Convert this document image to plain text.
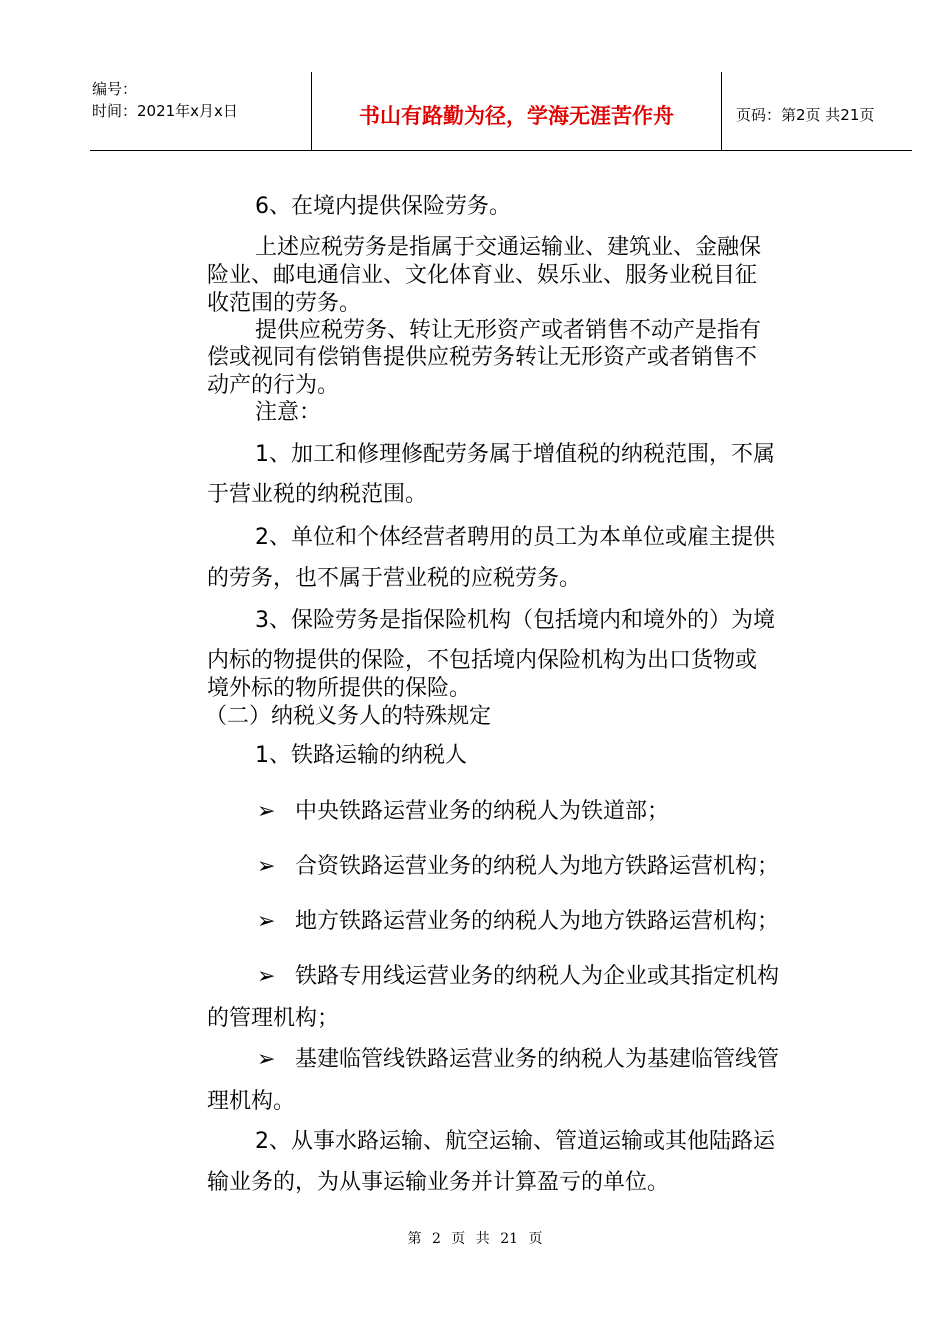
编号：
时间：2021年x月x日	书山有路勤为径，学海无涯苦作舟	页码：第2页 共21页
6、在境内提供保险劳务。
上述应税劳务是指属于交通运输业、建筑业、金融保
险业、邮电通信业、文化体育业、娱乐业、服务业税目征
收范围的劳务。
提供应税劳务、转让无形资产或者销售不动产是指有
偿或视同有偿销售提供应税劳务转让无形资产或者销售不
动产的行为。
注意：
1、加工和修理修配劳务属于增值税的纳税范围，不属
于营业税的纳税范围。
2、单位和个体经营者聘用的员工为本单位或雇主提供
的劳务，也不属于营业税的应税劳务。
3、保险劳务是指保险机构（包括境内和境外的）为境
内标的物提供的保险，不包括境内保险机构为出口货物或
境外标的物所提供的保险。
（二）纳税义务人的特殊规定
1、铁路运输的纳税人
➢ 中央铁路运营业务的纳税人为铁道部；
➢ 合资铁路运营业务的纳税人为地方铁路运营机构；
➢ 地方铁路运营业务的纳税人为地方铁路运营机构；
➢ 铁路专用线运营业务的纳税人为企业或其指定机构
的管理机构；
➢ 基建临管线铁路运营业务的纳税人为基建临管线管
理机构。
2、从事水路运输、航空运输、管道运输或其他陆路运
输业务的，为从事运输业务并计算盈亏的单位。
第 2 页 共 21 页
